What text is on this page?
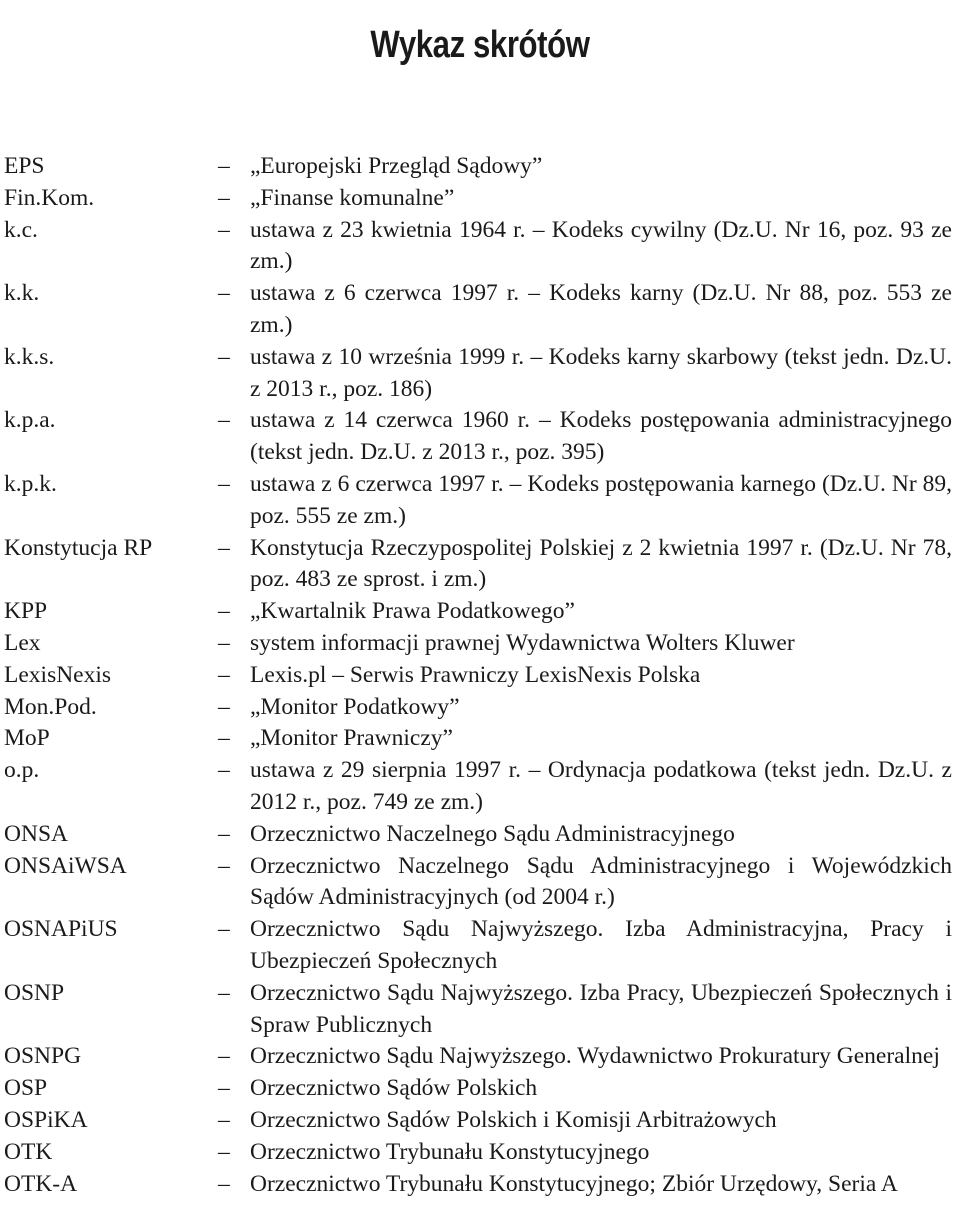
Wykaz skrótów
EPS	– „Europejski Przegląd Sądowy”
Fin.Kom.	– „Finanse komunalne”
k.c.	– ustawa z 23 kwietnia 1964 r. – Kodeks cywilny (Dz.U. Nr 16, poz. 93 ze zm.)
k.k.	– ustawa z 6 czerwca 1997 r. – Kodeks karny (Dz.U. Nr 88, poz. 553 ze zm.)
k.k.s.	– ustawa z 10 września 1999 r. – Kodeks karny skarbowy (tekst jedn. Dz.U. z 2013 r., poz. 186)
k.p.a.	– ustawa z 14 czerwca 1960 r. – Kodeks postępowania administracyjnego (tekst jedn. Dz.U. z 2013 r., poz. 395)
k.p.k.	– ustawa z 6 czerwca 1997 r. – Kodeks postępowania karnego (Dz.U. Nr 89, poz. 555 ze zm.)
Konstytucja RP	– Konstytucja Rzeczypospolitej Polskiej z 2 kwietnia 1997 r. (Dz.U. Nr 78, poz. 483 ze sprost. i zm.)
KPP	– „Kwartalnik Prawa Podatkowego”
Lex	– system informacji prawnej Wydawnictwa Wolters Kluwer
LexisNexis	– Lexis.pl – Serwis Prawniczy LexisNexis Polska
Mon.Pod.	– „Monitor Podatkowy”
MoP	– „Monitor Prawniczy”
o.p.	– ustawa z 29 sierpnia 1997 r. – Ordynacja podatkowa (tekst jedn. Dz.U. z 2012 r., poz. 749 ze zm.)
ONSA	– Orzecznictwo Naczelnego Sądu Administracyjnego
ONSAiWSA	– Orzecznictwo Naczelnego Sądu Administracyjnego i Wojewódzkich Sądów Administracyjnych (od 2004 r.)
OSNAPiUS	– Orzecznictwo Sądu Najwyższego. Izba Administracyjna, Pracy i Ubezpieczeń Społecznych
OSNP	– Orzecznictwo Sądu Najwyższego. Izba Pracy, Ubezpieczeń Społecznych i Spraw Publicznych
OSNPG	– Orzecznictwo Sądu Najwyższego. Wydawnictwo Prokuratury Generalnej
OSP	– Orzecznictwo Sądów Polskich
OSPiKA	– Orzecznictwo Sądów Polskich i Komisji Arbitrażowych
OTK	– Orzecznictwo Trybunału Konstytucyjnego
OTK-A	– Orzecznictwo Trybunału Konstytucyjnego; Zbiór Urzędowy, Seria A
